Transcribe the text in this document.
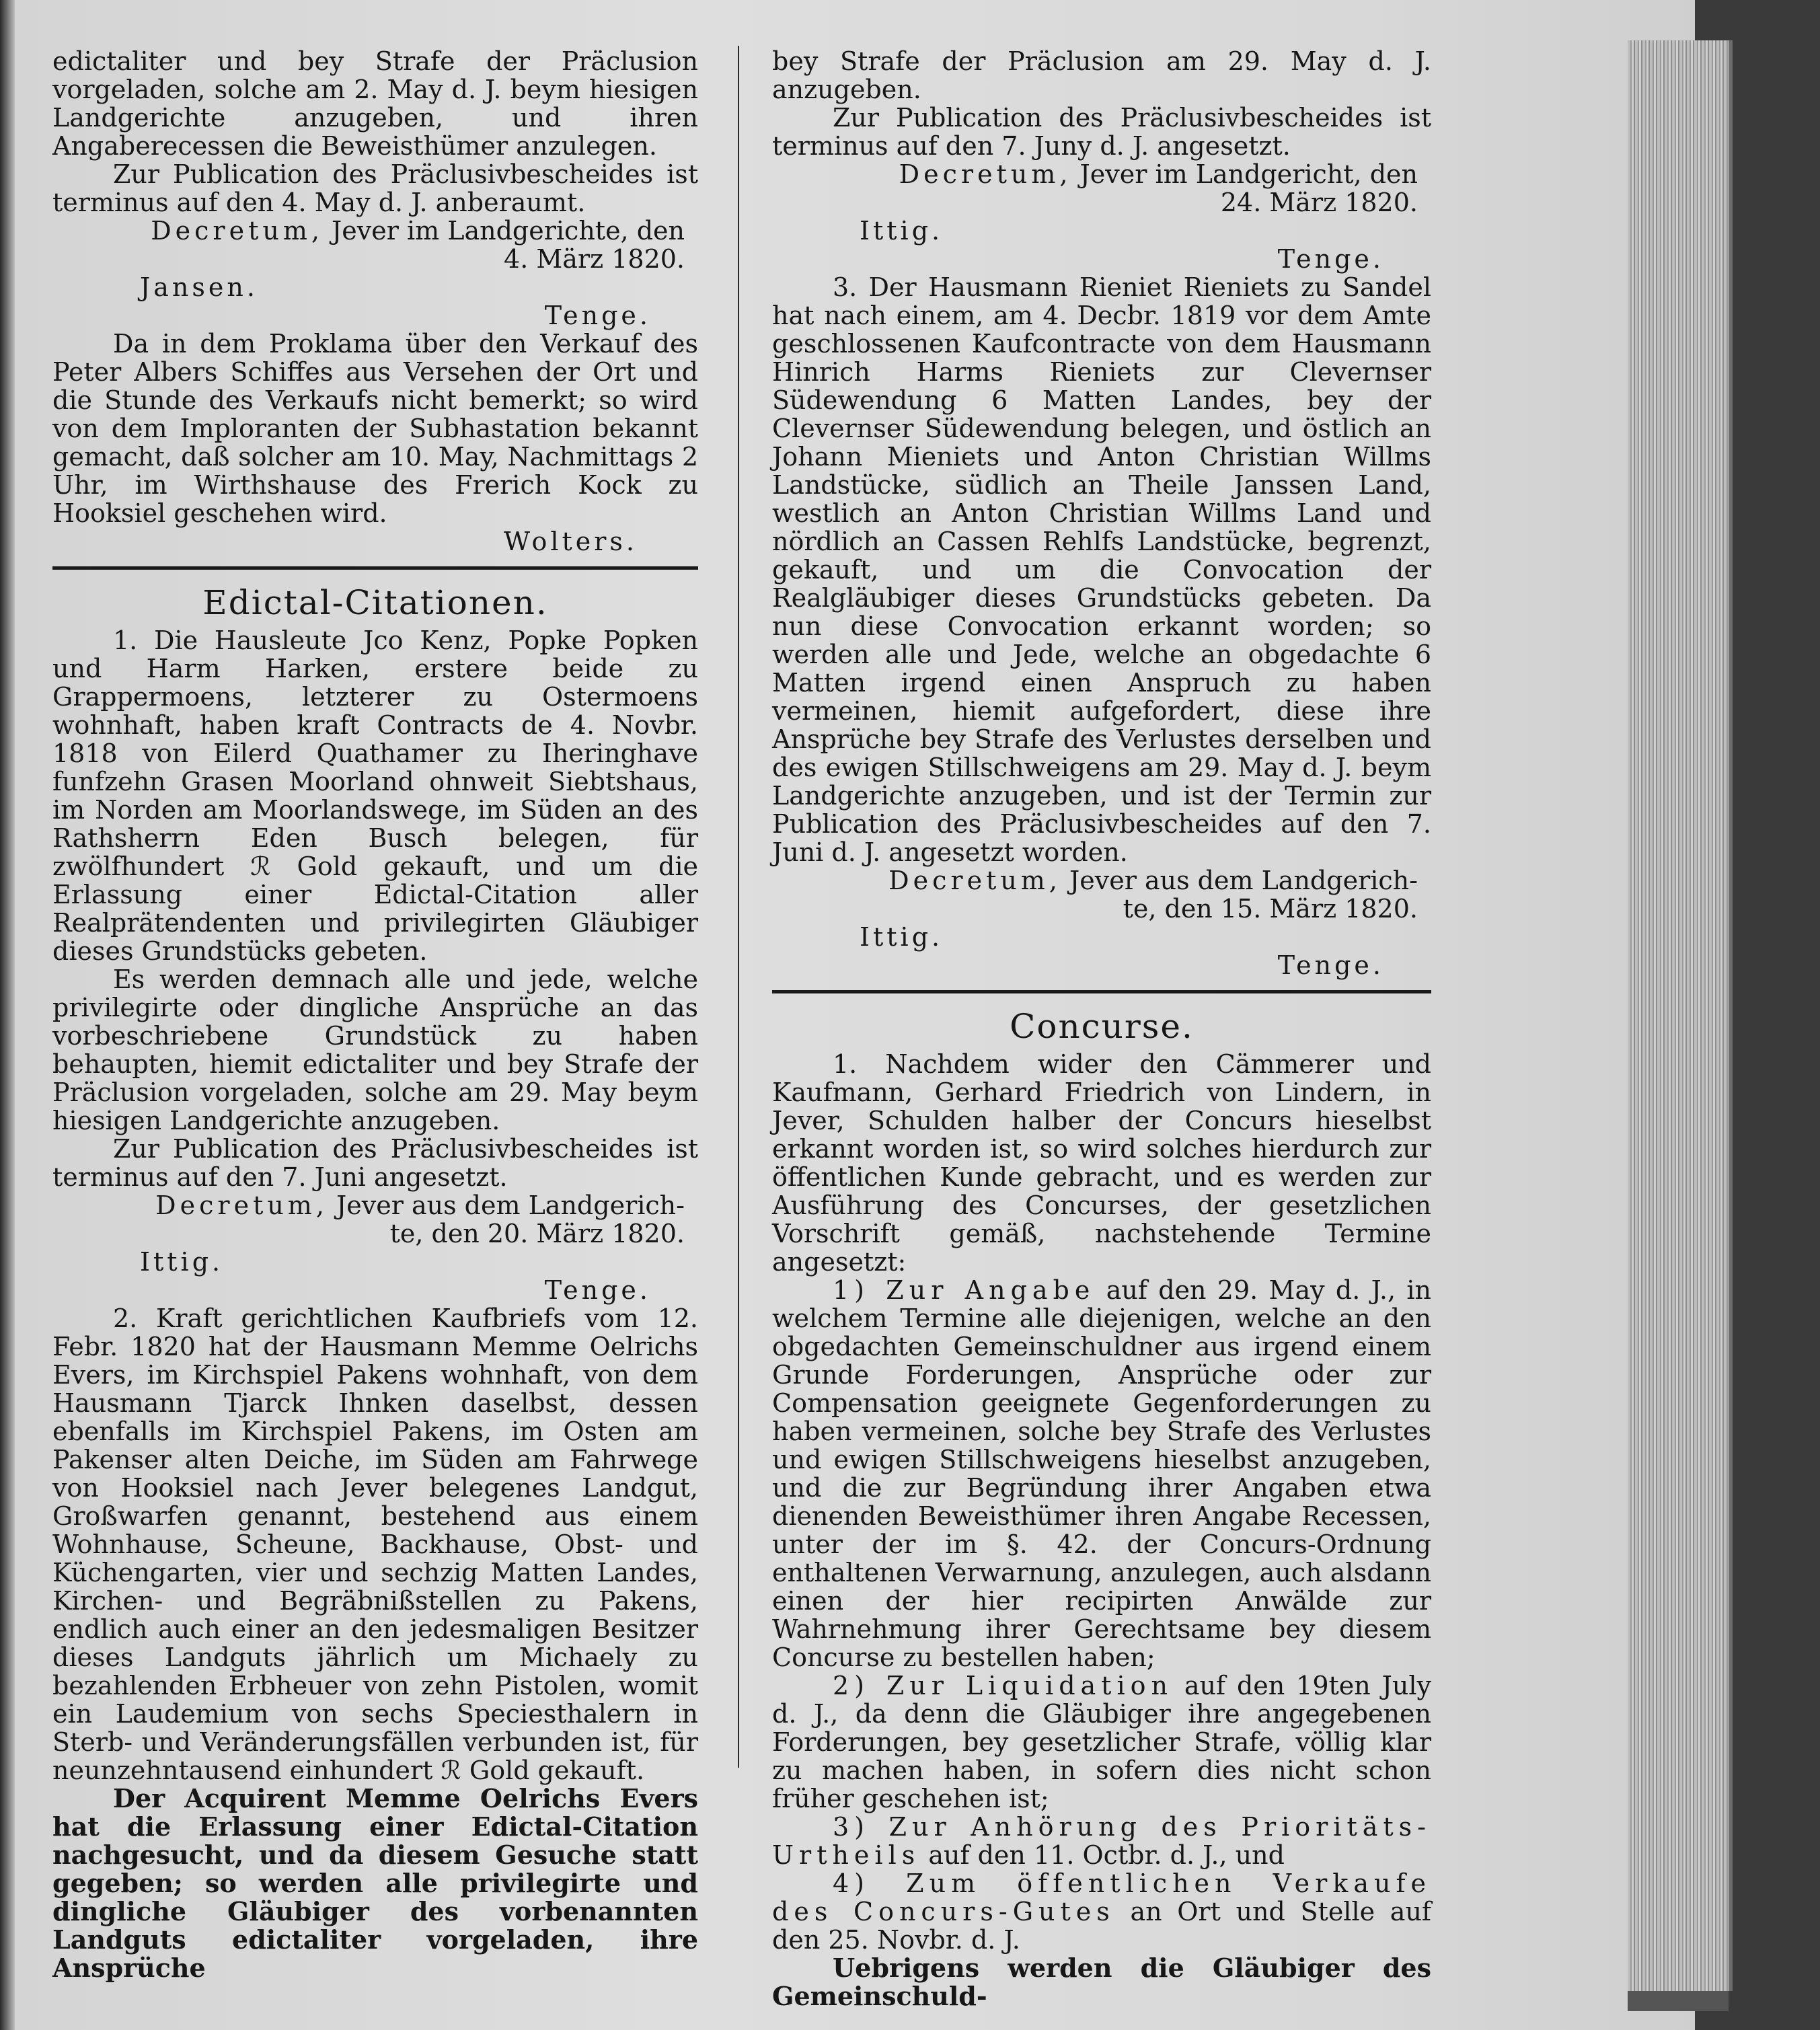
edictaliter und bey Strafe der Präclusion vorgeladen, solche am 2. May d. J. beym hiesigen Landgerichte anzugeben, und ihren Angaberecessen die Beweisthümer anzulegen.

Zur Publication des Präclusivbescheides ist terminus auf den 4. May d. J. anberaumt.

Decretum, Jever im Landgerichte, den
4. März 1820.

Jansen.

Tenge.

Da in dem Proklama über den Verkauf des Peter Albers Schiffes aus Versehen der Ort und die Stunde des Verkaufs nicht bemerkt; so wird von dem Imploranten der Subhastation bekannt gemacht, daß solcher am 10. May, Nachmittags 2 Uhr, im Wirthshause des Frerich Kock zu Hooksiel geschehen wird.

Wolters.

Edictal-Citationen.

1. Die Hausleute Jco Kenz, Popke Popken und Harm Harken, erstere beide zu Grappermoens, letzterer zu Ostermoens wohnhaft, haben kraft Contracts de 4. Novbr. 1818 von Eilerd Quathamer zu Iheringhave funfzehn Grasen Moorland ohnweit Siebtshaus, im Norden am Moorlandswege, im Süden an des Rathsherrn Eden Busch belegen, für zwölfhundert ℛ Gold gekauft, und um die Erlassung einer Edictal-Citation aller Realprätendenten und privilegirten Gläubiger dieses Grundstücks gebeten.

Es werden demnach alle und jede, welche privilegirte oder dingliche Ansprüche an das vorbeschriebene Grundstück zu haben behaupten, hiemit edictaliter und bey Strafe der Präclusion vorgeladen, solche am 29. May beym hiesigen Landgerichte anzugeben.

Zur Publication des Präclusivbescheides ist terminus auf den 7. Juni angesetzt.

Decretum, Jever aus dem Landgerich-
te, den 20. März 1820.

Ittig.

Tenge.

2. Kraft gerichtlichen Kaufbriefs vom 12. Febr. 1820 hat der Hausmann Memme Oelrichs Evers, im Kirchspiel Pakens wohnhaft, von dem Hausmann Tjarck Ihnken daselbst, dessen ebenfalls im Kirchspiel Pakens, im Osten am Pakenser alten Deiche, im Süden am Fahrwege von Hooksiel nach Jever belegenes Landgut, Großwarfen genannt, bestehend aus einem Wohnhause, Scheune, Backhause, Obst- und Küchengarten, vier und sechzig Matten Landes, Kirchen- und Begräbnißstellen zu Pakens, endlich auch einer an den jedesmaligen Besitzer dieses Landguts jährlich um Michaely zu bezahlenden Erbheuer von zehn Pistolen, womit ein Laudemium von sechs Speciesthalern in Sterb- und Veränderungsfällen verbunden ist, für neunzehntausend einhundert ℛ Gold gekauft.

Der Acquirent Memme Oelrichs Evers hat die Erlassung einer Edictal-Citation nachgesucht, und da diesem Gesuche statt gegeben; so werden alle privilegirte und dingliche Gläubiger des vorbenannten Landguts edictaliter vorgeladen, ihre Ansprüche

bey Strafe der Präclusion am 29. May d. J. anzugeben.

Zur Publication des Präclusivbescheides ist terminus auf den 7. Juny d. J. angesetzt.

Decretum, Jever im Landgericht, den
24. März 1820.

Ittig.

Tenge.

3. Der Hausmann Rieniet Rieniets zu Sandel hat nach einem, am 4. Decbr. 1819 vor dem Amte geschlossenen Kaufcontracte von dem Hausmann Hinrich Harms Rieniets zur Clevernser Südewendung 6 Matten Landes, bey der Clevernser Südewendung belegen, und östlich an Johann Mieniets und Anton Christian Willms Landstücke, südlich an Theile Janssen Land, westlich an Anton Christian Willms Land und nördlich an Cassen Rehlfs Landstücke, begrenzt, gekauft, und um die Convocation der Realgläubiger dieses Grundstücks gebeten. Da nun diese Convocation erkannt worden; so werden alle und Jede, welche an obgedachte 6 Matten irgend einen Anspruch zu haben vermeinen, hiemit aufgefordert, diese ihre Ansprüche bey Strafe des Verlustes derselben und des ewigen Stillschweigens am 29. May d. J. beym Landgerichte anzugeben, und ist der Termin zur Publication des Präclusivbescheides auf den 7. Juni d. J. angesetzt worden.

Decretum, Jever aus dem Landgerich-
te, den 15. März 1820.

Ittig.

Tenge.

Concurse.

1. Nachdem wider den Cämmerer und Kaufmann, Gerhard Friedrich von Lindern, in Jever, Schulden halber der Concurs hieselbst erkannt worden ist, so wird solches hierdurch zur öffentlichen Kunde gebracht, und es werden zur Ausführung des Concurses, der gesetzlichen Vorschrift gemäß, nachstehende Termine angesetzt:

1) Zur Angabe auf den 29. May d. J., in welchem Termine alle diejenigen, welche an den obgedachten Gemeinschuldner aus irgend einem Grunde Forderungen, Ansprüche oder zur Compensation geeignete Gegenforderungen zu haben vermeinen, solche bey Strafe des Verlustes und ewigen Stillschweigens hieselbst anzugeben, und die zur Begründung ihrer Angaben etwa dienenden Beweisthümer ihren Angabe Recessen, unter der im §. 42. der Concurs-Ordnung enthaltenen Verwarnung, anzulegen, auch alsdann einen der hier recipirten Anwälde zur Wahrnehmung ihrer Gerechtsame bey diesem Concurse zu bestellen haben;

2) Zur Liquidation auf den 19ten July d. J., da denn die Gläubiger ihre angegebenen Forderungen, bey gesetzlicher Strafe, völlig klar zu machen haben, in sofern dies nicht schon früher geschehen ist;

3) Zur Anhörung des Prioritäts-Urtheils auf den 11. Octbr. d. J., und

4) Zum öffentlichen Verkaufe des Concurs-Gutes an Ort und Stelle auf den 25. Novbr. d. J.

Uebrigens werden die Gläubiger des Gemeinschuld-
